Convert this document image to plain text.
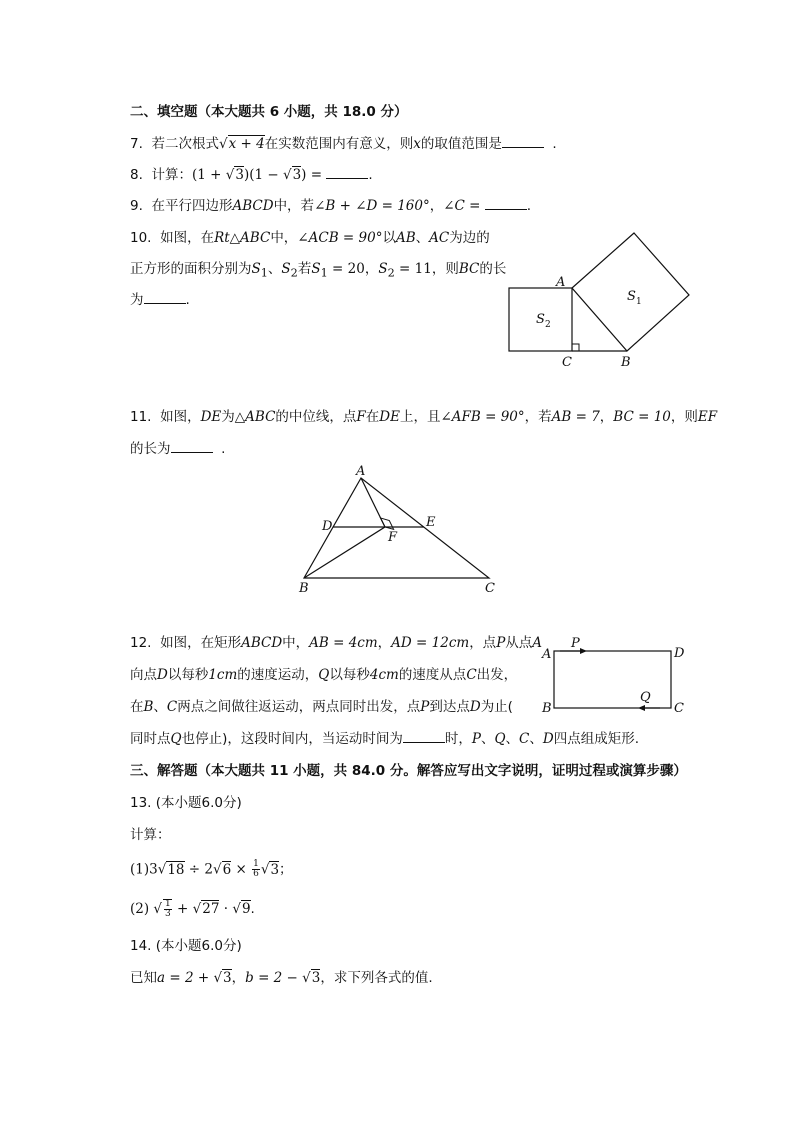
二、填空题（本大题共 6 小题，共 18.0 分）
7. 若二次根式√x + 4在实数范围内有意义，则x的取值范围是	.
8. 计算：(1 + √3)(1 − √3) =	.
9. 在平行四边形ABCD中，若∠B + ∠D = 160°，∠C =	.
10. 如图，在Rt△ABC中，∠ACB = 90°以AB、AC为边的
正方形的面积分别为$S_1$、$S_2$若$S_1 = 20$，$S_2 = 11$，则BC的长
为	.
A
C	B
S 2
S 1
11. 如图，DE为△ABC的中位线，点F在DE上，且∠AFB = 90°，若AB = 7，BC = 10，则EF
的长为	.
A
D	E
F
B	C
12. 如图，在矩形ABCD中，AB = 4cm，AD = 12cm，点P从点A
向点D以每秒1cm的速度运动，Q以每秒4cm的速度从点C出发，
在B、C两点之间做往返运动，两点同时出发，点P到达点D为止(
同时点Q也停止)，这段时间内，当运动时间为	时，P、Q、C、D四点组成矩形.
A	D
B	C
P
Q
三、解答题（本大题共 11 小题，共 84.0 分。解答应写出文字说明，证明过程或演算步骤）
13. (本小题6.0分)
计算：
$(1)3√18 \div 2√6 \times \frac{1}{6} √3$；
(2) √ $\frac{1}{3} + √27 \cdot √9$.
14. (本小题6.0分)
已知a = 2 + √3，b = 2 − √3，求下列各式的值.
